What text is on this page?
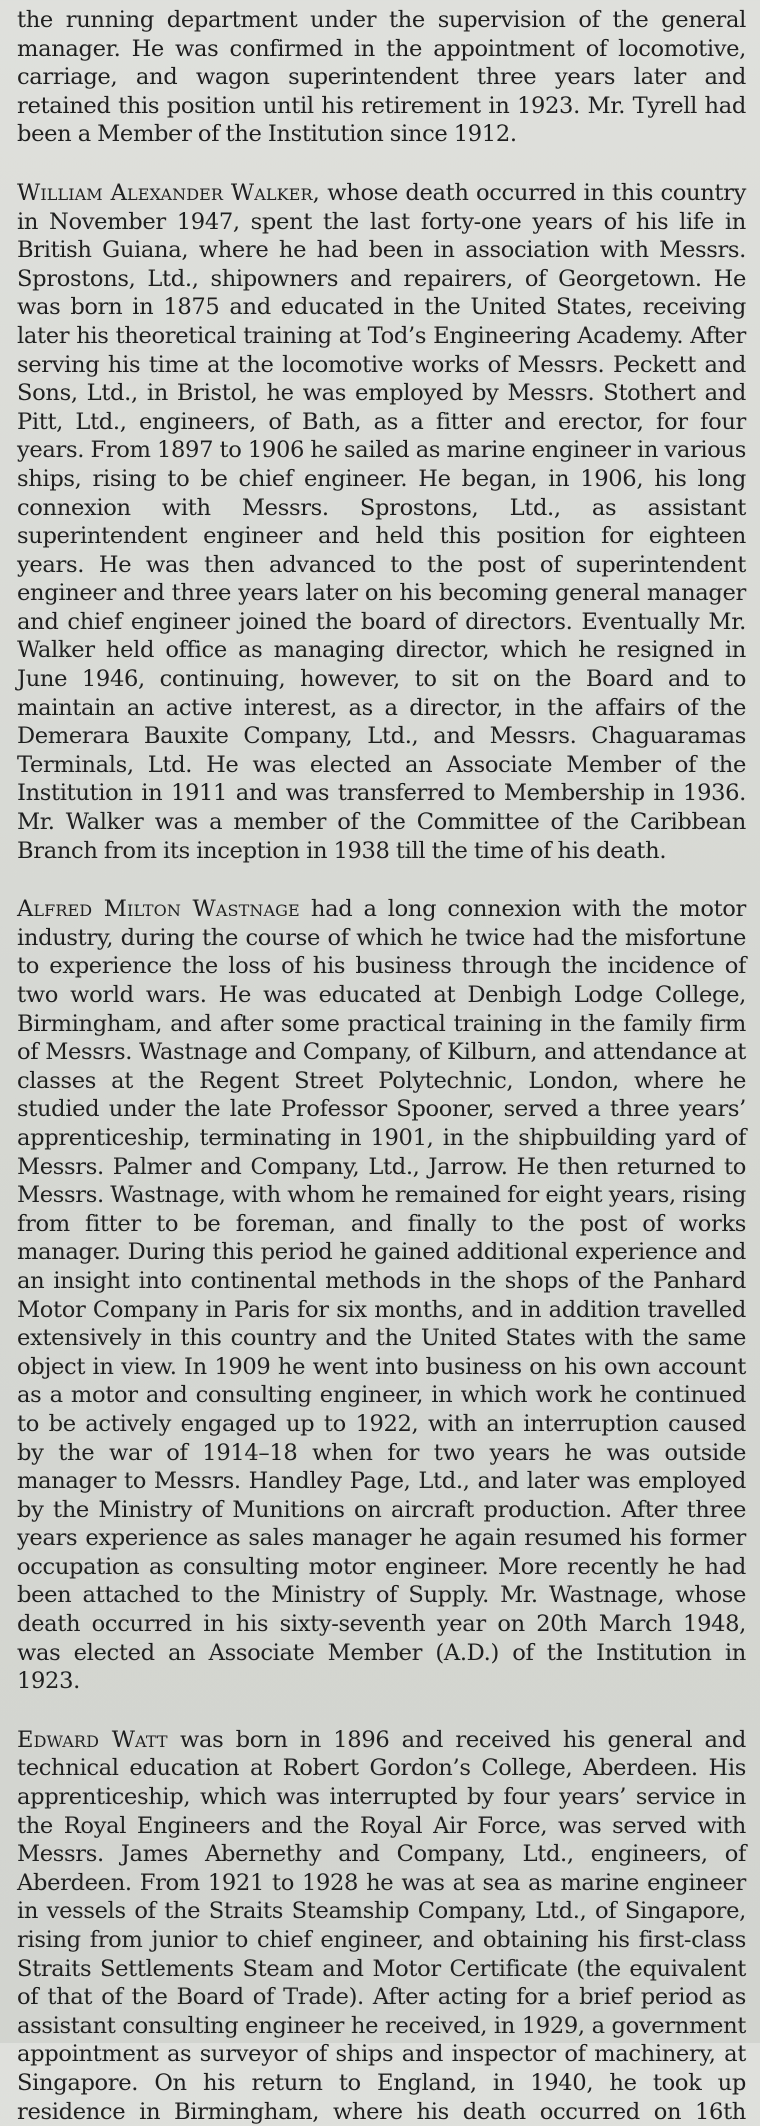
the running department under the supervision of the general manager. He was confirmed in the appointment of locomotive, carriage, and wagon superintendent three years later and retained this position until his retirement in 1923. Mr. Tyrell had been a Member of the Institution since 1912.

William Alexander Walker, whose death occurred in this country in November 1947, spent the last forty-one years of his life in British Guiana, where he had been in association with Messrs. Sprostons, Ltd., shipowners and repairers, of Georgetown. He was born in 1875 and educated in the United States, receiving later his theoretical training at Tod’s Engineering Academy. After serving his time at the locomotive works of Messrs. Peckett and Sons, Ltd., in Bristol, he was employed by Messrs. Stothert and Pitt, Ltd., engineers, of Bath, as a fitter and erector, for four years. From 1897 to 1906 he sailed as marine engineer in various ships, rising to be chief engineer. He began, in 1906, his long connexion with Messrs. Sprostons, Ltd., as assistant superintendent engineer and held this position for eighteen years. He was then advanced to the post of superintendent engineer and three years later on his becoming general manager and chief engineer joined the board of directors. Eventually Mr. Walker held office as managing director, which he resigned in June 1946, continuing, however, to sit on the Board and to maintain an active interest, as a director, in the affairs of the Demerara Bauxite Company, Ltd., and Messrs. Chaguaramas Terminals, Ltd. He was elected an Associate Member of the Institution in 1911 and was transferred to Membership in 1936. Mr. Walker was a member of the Committee of the Caribbean Branch from its inception in 1938 till the time of his death.

Alfred Milton Wastnage had a long connexion with the motor industry, during the course of which he twice had the misfortune to experience the loss of his business through the incidence of two world wars. He was educated at Denbigh Lodge College, Birmingham, and after some practical training in the family firm of Messrs. Wastnage and Company, of Kilburn, and attendance at classes at the Regent Street Polytechnic, London, where he studied under the late Professor Spooner, served a three years’ apprenticeship, terminating in 1901, in the shipbuilding yard of Messrs. Palmer and Company, Ltd., Jarrow. He then returned to Messrs. Wastnage, with whom he remained for eight years, rising from fitter to be foreman, and finally to the post of works manager. During this period he gained additional experience and an insight into continental methods in the shops of the Panhard Motor Company in Paris for six months, and in addition travelled extensively in this country and the United States with the same object in view. In 1909 he went into business on his own account as a motor and consulting engineer, in which work he continued to be actively engaged up to 1922, with an interruption caused by the war of 1914–18 when for two years he was outside manager to Messrs. Handley Page, Ltd., and later was employed by the Ministry of Munitions on aircraft production. After three years experience as sales manager he again resumed his former occupation as consulting motor engineer. More recently he had been attached to the Ministry of Supply. Mr. Wastnage, whose death occurred in his sixty-seventh year on 20th March 1948, was elected an Associate Member (A.D.) of the Institution in 1923.

Edward Watt was born in 1896 and received his general and technical education at Robert Gordon’s College, Aberdeen. His apprenticeship, which was interrupted by four years’ service in the Royal Engineers and the Royal Air Force, was served with Messrs. James Abernethy and Company, Ltd., engineers, of Aberdeen. From 1921 to 1928 he was at sea as marine engineer in vessels of the Straits Steamship Company, Ltd., of Singapore, rising from junior to chief engineer, and obtaining his first-class Straits Settlements Steam and Motor Certificate (the equivalent of that of the Board of Trade). After acting for a brief period as assistant consulting engineer he received, in 1929, a government appointment as surveyor of ships and inspector of machinery, at Singapore. On his return to England, in 1940, he took up residence in Birmingham, where his death occurred on 16th
